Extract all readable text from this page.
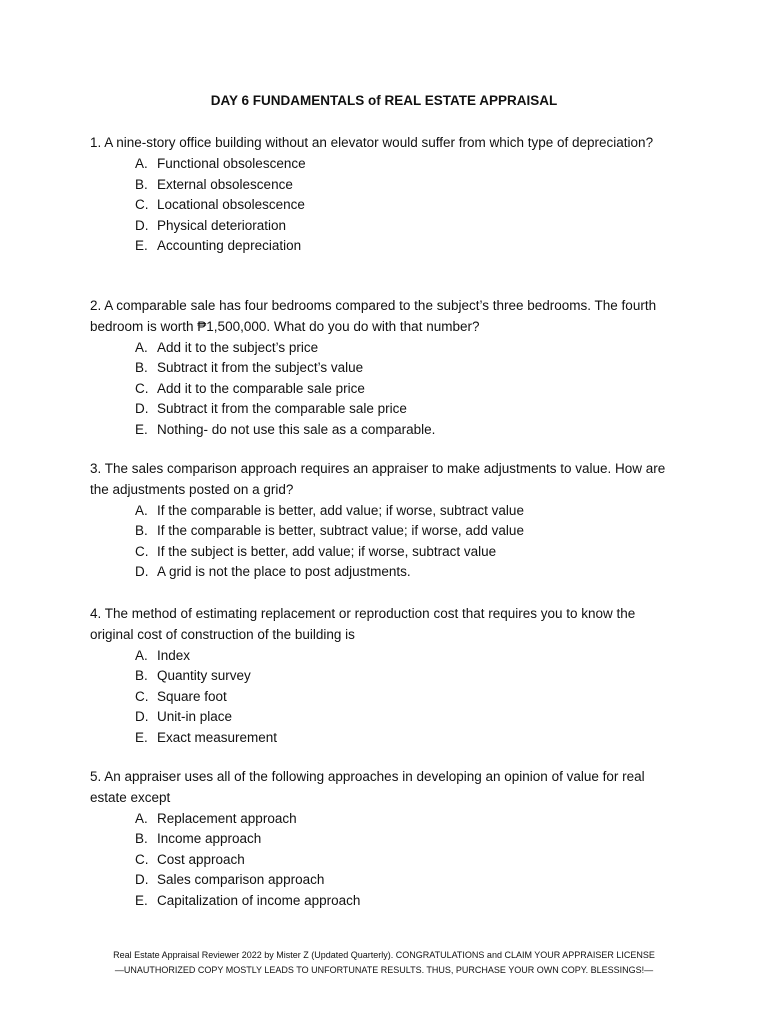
DAY 6 FUNDAMENTALS of REAL ESTATE APPRAISAL
1. A nine-story office building without an elevator would suffer from which type of depreciation?
A. Functional obsolescence
B. External obsolescence
C. Locational obsolescence
D. Physical deterioration
E. Accounting depreciation
2. A comparable sale has four bedrooms compared to the subject’s three bedrooms. The fourth bedroom is worth ₱1,500,000. What do you do with that number?
A. Add it to the subject’s price
B. Subtract it from the subject’s value
C. Add it to the comparable sale price
D. Subtract it from the comparable sale price
E. Nothing- do not use this sale as a comparable.
3. The sales comparison approach requires an appraiser to make adjustments to value. How are the adjustments posted on a grid?
A. If the comparable is better, add value; if worse, subtract value
B. If the comparable is better, subtract value; if worse, add value
C. If the subject is better, add value; if worse, subtract value
D. A grid is not the place to post adjustments.
4. The method of estimating replacement or reproduction cost that requires you to know the original cost of construction of the building is
A. Index
B. Quantity survey
C. Square foot
D. Unit-in place
E. Exact measurement
5. An appraiser uses all of the following approaches in developing an opinion of value for real estate except
A. Replacement approach
B. Income approach
C. Cost approach
D. Sales comparison approach
E. Capitalization of income approach
Real Estate Appraisal Reviewer 2022 by Mister Z (Updated Quarterly). CONGRATULATIONS and CLAIM YOUR APPRAISER LICENSE
—UNAUTHORIZED COPY MOSTLY LEADS TO UNFORTUNATE RESULTS. THUS, PURCHASE YOUR OWN COPY. BLESSINGS!—
